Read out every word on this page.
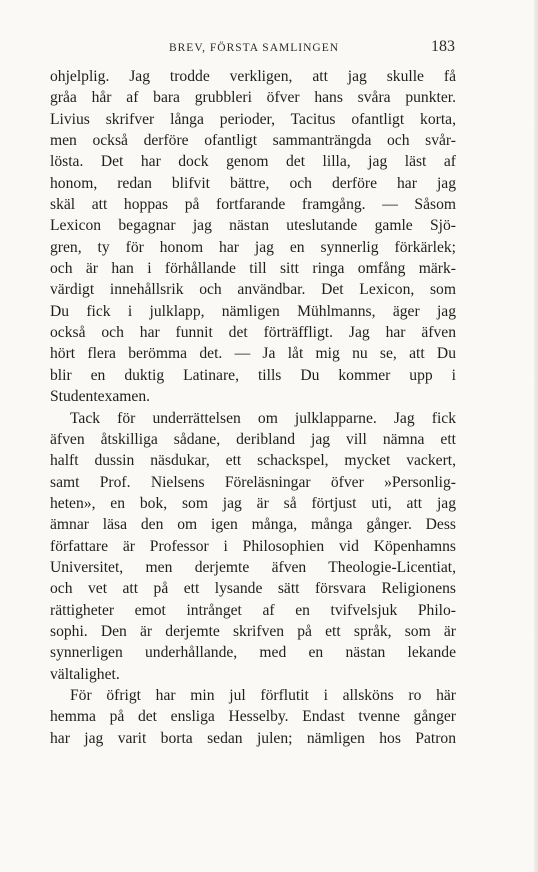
BREV, FÖRSTA SAMLINGEN	183
ohjelplig. Jag trodde verkligen, att jag skulle få
gråa hår af bara grubbleri öfver hans svåra punkter.
Livius skrifver långa perioder, Tacitus ofantligt korta,
men också derföre ofantligt sammanträngda och svår-
lösta. Det har dock genom det lilla, jag läst af
honom, redan blifvit bättre, och derföre har jag
skäl att hoppas på fortfarande framgång. — Såsom
Lexicon begagnar jag nästan uteslutande gamle Sjö-
gren, ty för honom har jag en synnerlig förkärlek;
och är han i förhållande till sitt ringa omfång märk-
värdigt innehållsrik och användbar. Det Lexicon, som
Du fick i julklapp, nämligen Mühlmanns, äger jag
också och har funnit det förträffligt. Jag har äfven
hört flera berömma det. — Ja låt mig nu se, att Du
blir en duktig Latinare, tills Du kommer upp i
Studentexamen.
Tack för underrättelsen om julklapparne. Jag fick
äfven åtskilliga sådane, deribland jag vill nämna ett
halft dussin näsdukar, ett schackspel, mycket vackert,
samt Prof. Nielsens Föreläsningar öfver »Personlig-
heten», en bok, som jag är så förtjust uti, att jag
ämnar läsa den om igen många, många gånger. Dess
författare är Professor i Philosophien vid Köpenhamns
Universitet, men derjemte äfven Theologie-Licentiat,
och vet att på ett lysande sätt försvara Religionens
rättigheter emot intrånget af en tvifvelsjuk Philo-
sophi. Den är derjemte skrifven på ett språk, som är
synnerligen underhållande, med en nästan lekande
vältalighet.
För öfrigt har min jul förflutit i allsköns ro här
hemma på det ensliga Hesselby. Endast tvenne gånger
har jag varit borta sedan julen; nämligen hos Patron
